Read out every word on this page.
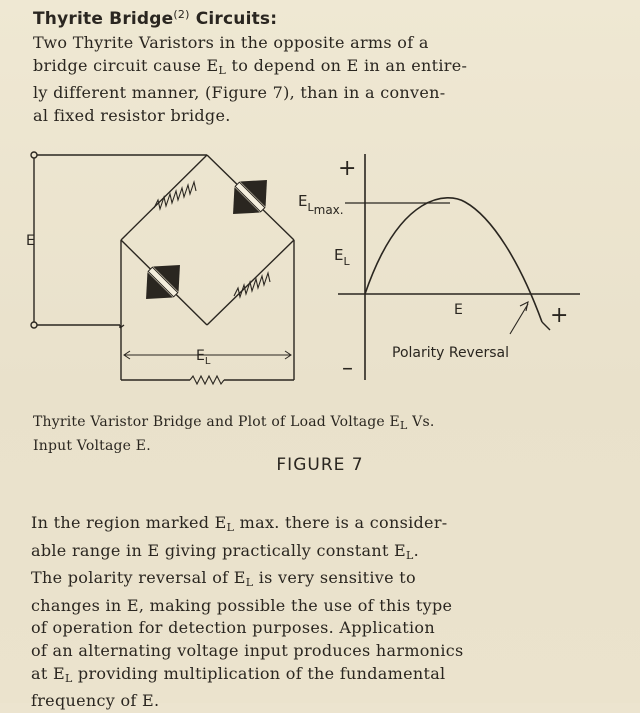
Thyrite Bridge$^{(2)}$ Circuits:
Two Thyrite Varistors in the opposite arms of a
bridge circuit cause $E_L$ to depend on E in an entire-
ly different manner, (Figure 7), than in a conven-
al fixed resistor bridge.
E
$E_L$
+
–
$E_{Lmax.}$
$E_L$
E	+
Polarity Reversal
Thyrite Varistor Bridge and Plot of Load Voltage $E_L$ Vs.
Input Voltage E.
FIGURE 7
In the region marked $E_L$ max. there is a consider-
able range in E giving practically constant $E_L$.
The polarity reversal of $E_L$ is very sensitive to
changes in E, making possible the use of this type
of operation for detection purposes. Application
of an alternating voltage input produces harmonics
at $E_L$ providing multiplication of the fundamental
frequency of E.
